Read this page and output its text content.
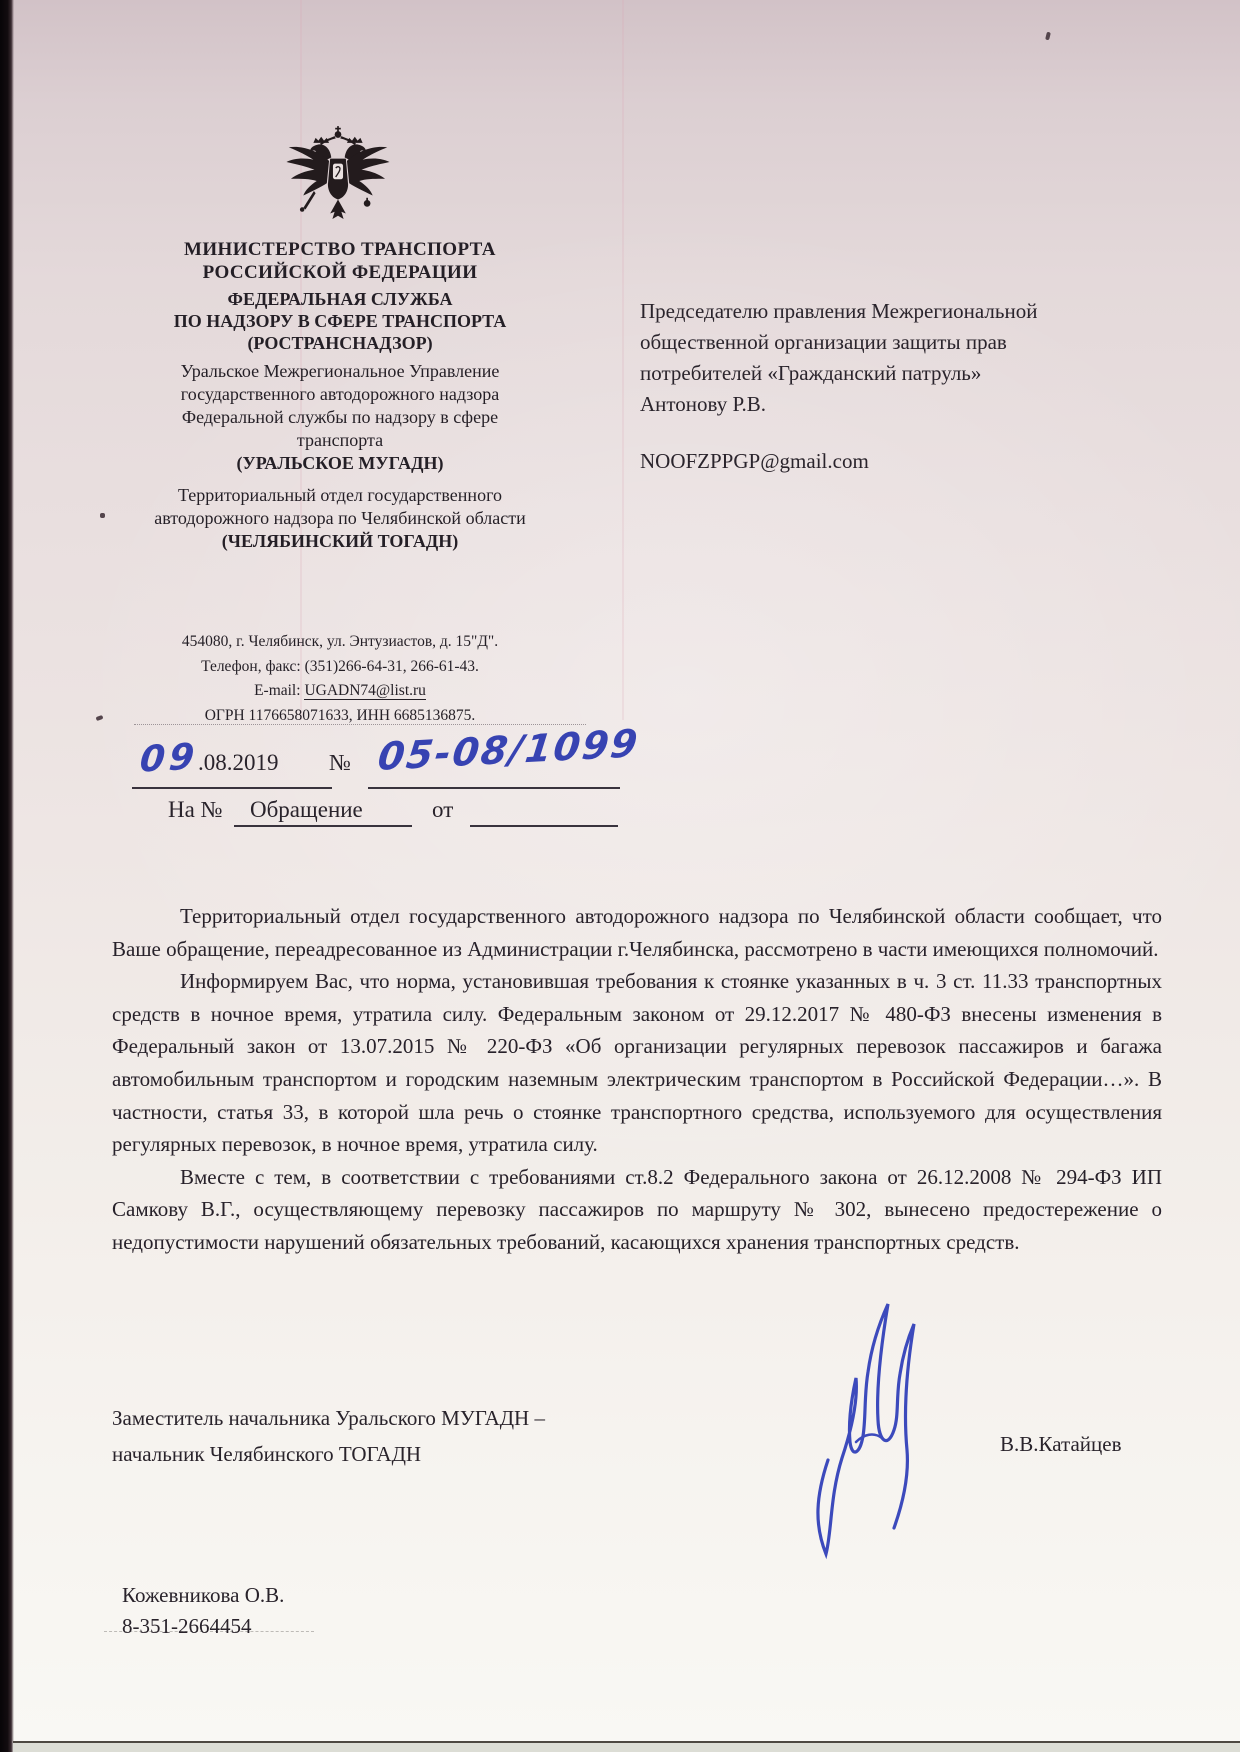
МИНИСТЕРСТВО ТРАНСПОРТА
РОССИЙСКОЙ ФЕДЕРАЦИИ
ФЕДЕРАЛЬНАЯ СЛУЖБА
ПО НАДЗОРУ В СФЕРЕ ТРАНСПОРТА
(РОСТРАНСНАДЗОР)
Уральское Межрегиональное Управление
государственного автодорожного надзора
Федеральной службы по надзору в сфере
транспорта
(УРАЛЬСКОЕ МУГАДН)
Территориальный отдел государственного
автодорожного надзора по Челябинской области
(ЧЕЛЯБИНСКИЙ ТОГАДН)
454080, г. Челябинск, ул. Энтузиастов, д. 15"Д".
Телефон, факс: (351)266-64-31, 266-61-43.
E-mail: UGADN74@list.ru
ОГРН 1176658071633, ИНН 6685136875.
09
.08.2019 № 05-08/1099
На № Обращение	от
Председателю правления Межрегиональной
общественной организации защиты прав
потребителей «Гражданский патруль»
Антонову Р.В.
NOOFZPPGP@gmail.com

Территориальный отдел государственного автодорожного надзора по Челябинской области сообщает, что Ваше обращение, переадресованное из Администрации г.Челябинска, рассмотрено в части имеющихся полномочий.

Информируем Вас, что норма, установившая требования к стоянке указанных в ч. 3 ст. 11.33 транспортных средств в ночное время, утратила силу. Федеральным законом от 29.12.2017 № 480-ФЗ внесены изменения в Федеральный закон от 13.07.2015 № 220-ФЗ «Об организации регулярных перевозок пассажиров и багажа автомобильным транспортом и городским наземным электрическим транспортом в Российской Федерации…». В частности, статья 33, в которой шла речь о стоянке транспортного средства, используемого для осуществления регулярных перевозок, в ночное время, утратила силу.

Вместе с тем, в соответствии с требованиями ст.8.2 Федерального закона от 26.12.2008 № 294-ФЗ ИП Самкову В.Г., осуществляющему перевозку пассажиров по маршруту № 302, вынесено предостережение о недопустимости нарушений обязательных требований, касающихся хранения транспортных средств.

Заместитель начальника Уральского МУГАДН –
начальник Челябинского ТОГАДН	В.В.Катайцев
Кожевникова О.В.
8-351-2664454
